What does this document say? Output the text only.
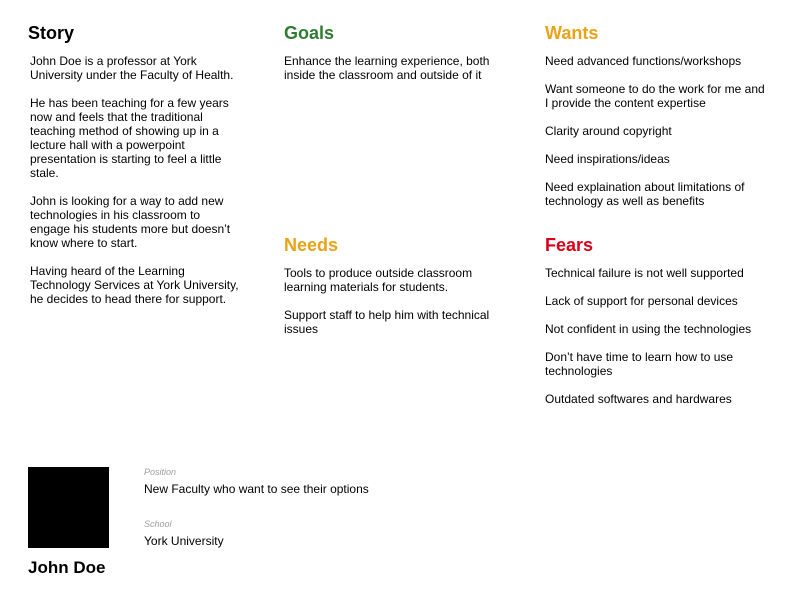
Story

John Doe is a professor at York University under the Faculty of Health.

He has been teaching for a few years now and feels that the traditional teaching method of showing up in a lecture hall with a powerpoint presentation is starting to feel a little stale.

John is looking for a way to add new technologies in his classroom to engage his students more but doesn’t know where to start.

Having heard of the Learning Technology Services at York University, he decides to head there for support.

Goals

Enhance the learning experience, both inside the classroom and outside of it

Wants

Need advanced functions/workshops

Want someone to do the work for me and I provide the content expertise

Clarity around copyright

Need inspirations/ideas

Need explaination about limitations of technology as well as benefits

Needs

Tools to produce outside classroom learning materials for students.

Support staff to help him with technical issues

Fears

Technical failure is not well supported

Lack of support for personal devices

Not confident in using the technologies

Don’t have time to learn how to use technologies

Outdated softwares and hardwares

John Doe
Position
New Faculty who want to see their options
School
York University
